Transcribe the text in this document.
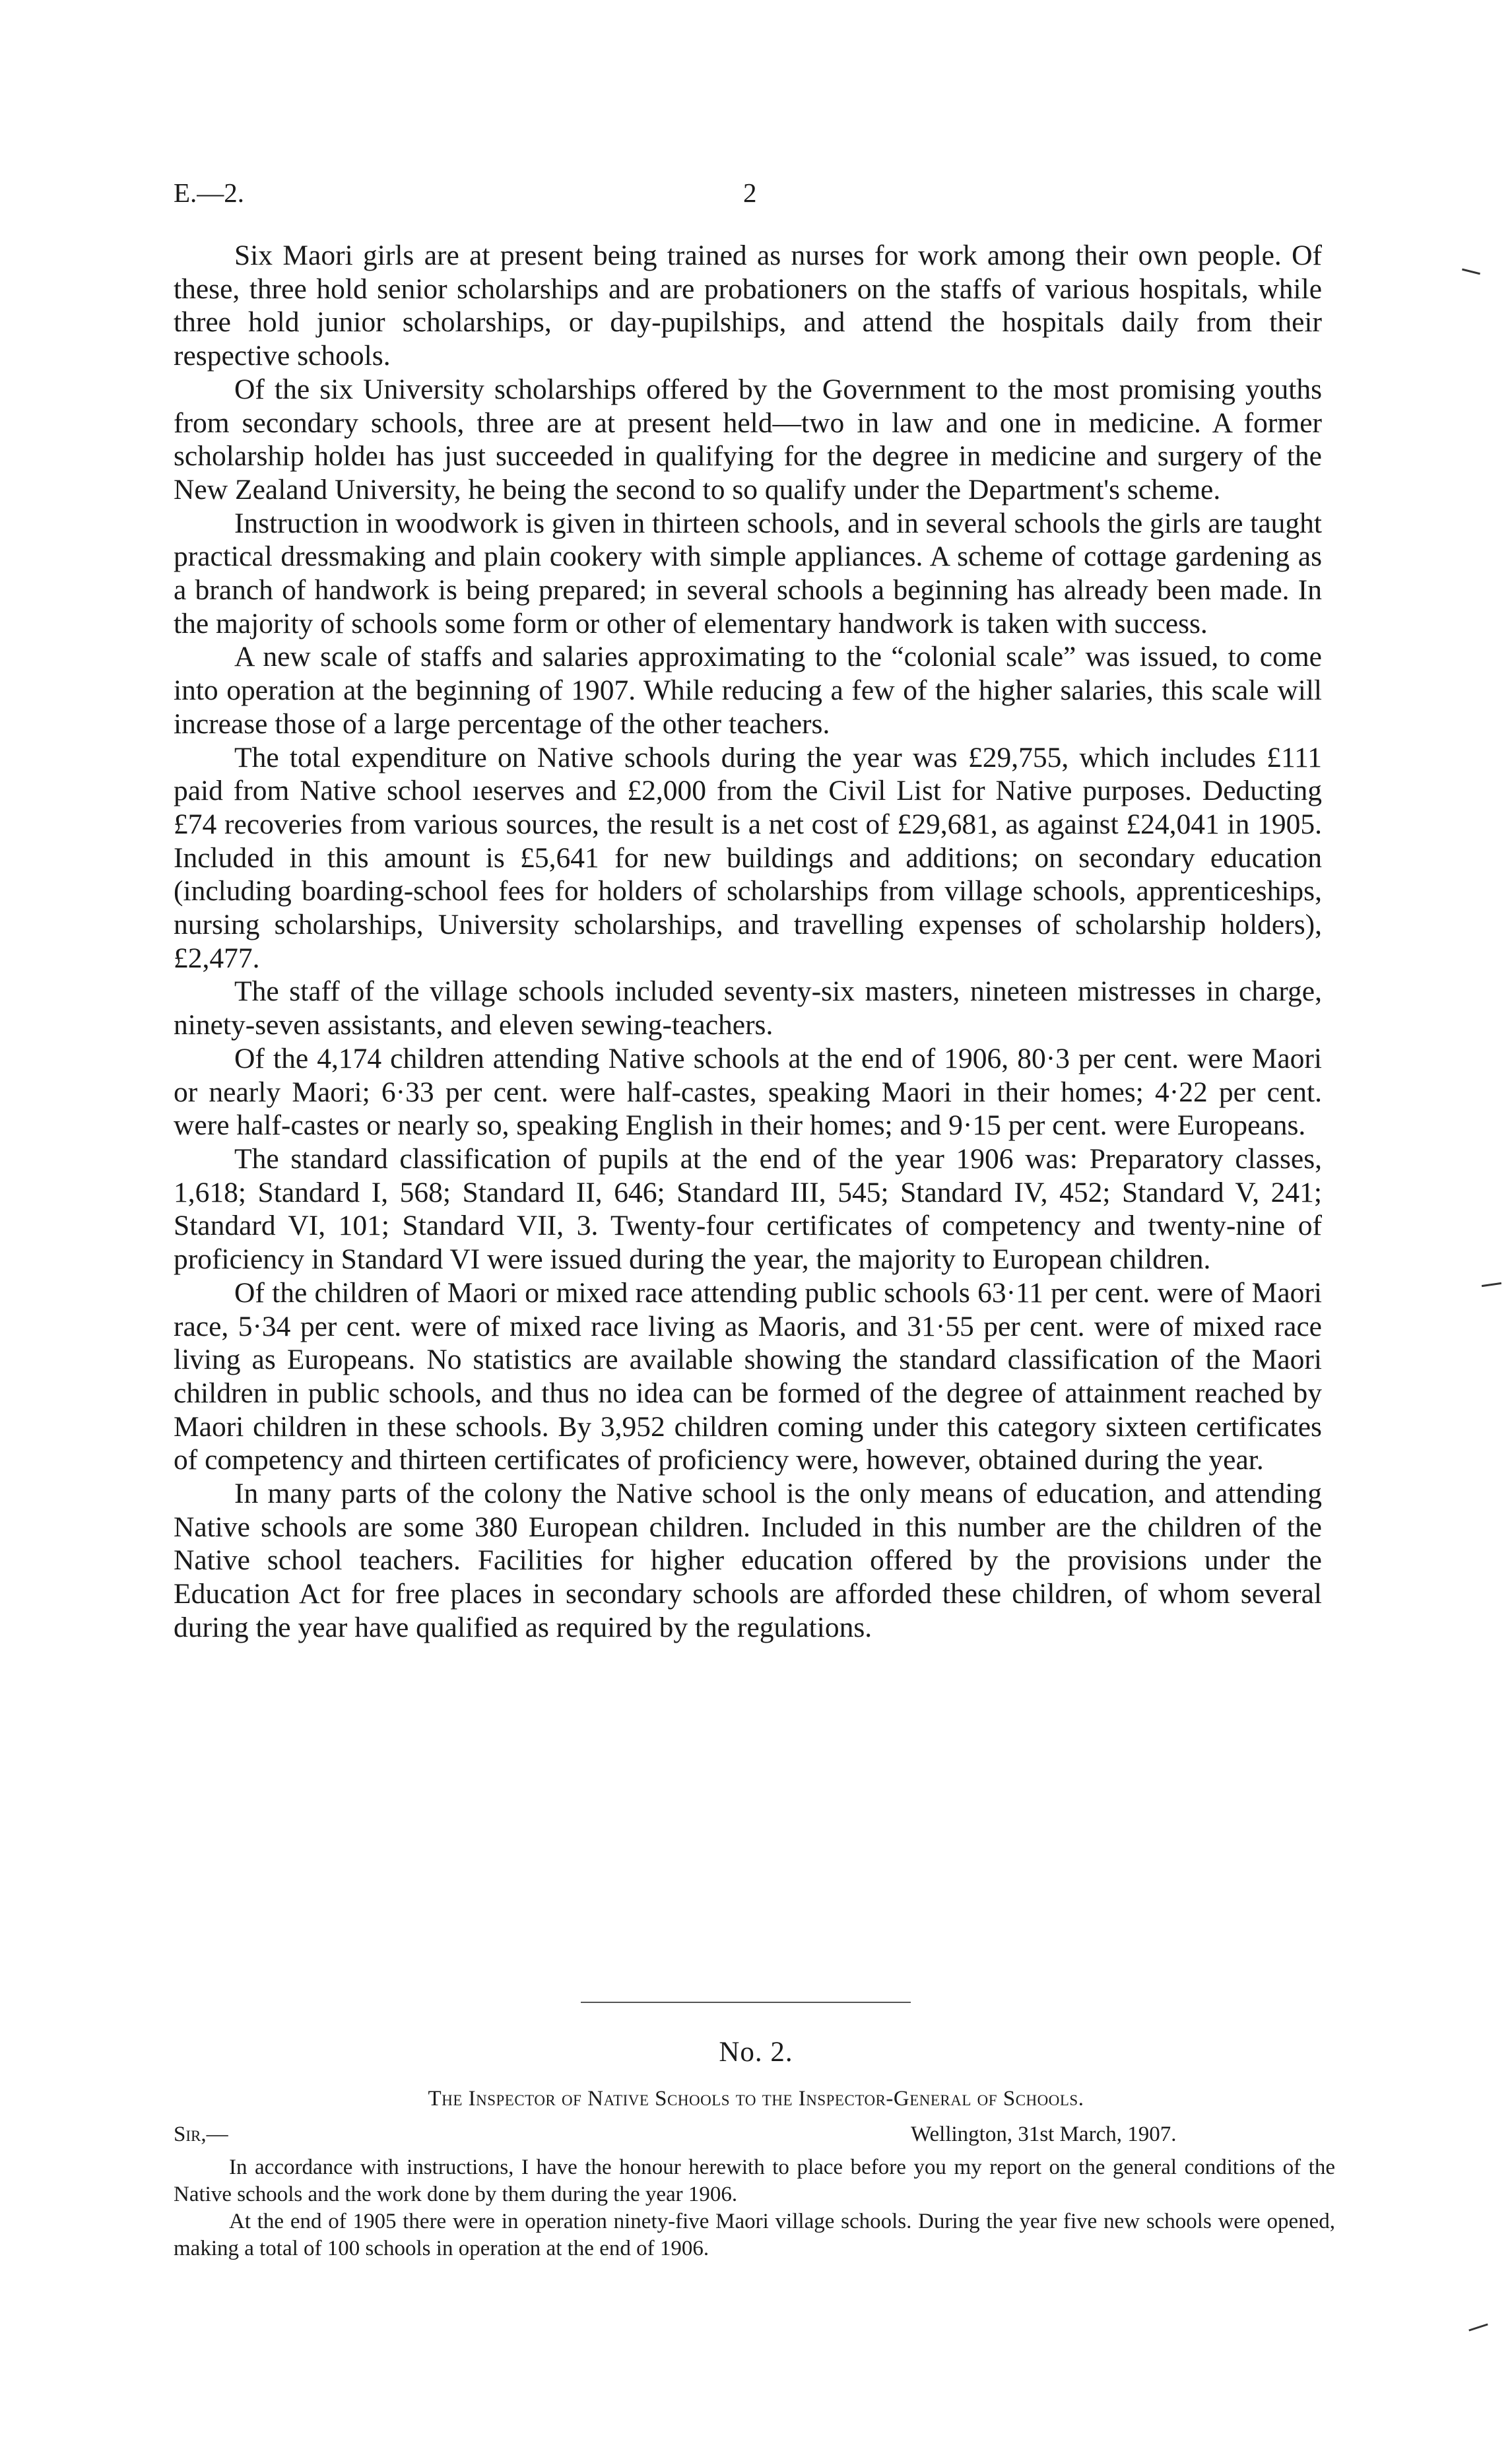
E.—2.	2

Six Maori girls are at present being trained as nurses for work among their own people. Of these, three hold senior scholarships and are probationers on the staffs of various hospitals, while three hold junior scholarships, or day-pupilships, and attend the hospitals daily from their respective schools.

Of the six University scholarships offered by the Government to the most promising youths from secondary schools, three are at present held—two in law and one in medicine. A former scholarship holdeı has just succeeded in qualifying for the degree in medicine and surgery of the New Zealand University, he being the second to so qualify under the Department's scheme.

Instruction in woodwork is given in thirteen schools, and in several schools the girls are taught practical dressmaking and plain cookery with simple appliances. A scheme of cottage gardening as a branch of handwork is being prepared; in several schools a beginning has already been made. In the majority of schools some form or other of elementary handwork is taken with success.

A new scale of staffs and salaries approximating to the “colonial scale” was issued, to come into operation at the beginning of 1907. While reducing a few of the higher salaries, this scale will increase those of a large percentage of the other teachers.

The total expenditure on Native schools during the year was £29,755, which includes £111 paid from Native school ıeserves and £2,000 from the Civil List for Native purposes. Deducting £74 recoveries from various sources, the result is a net cost of £29,681, as against £24,041 in 1905. Included in this amount is £5,641 for new buildings and additions; on secondary education (including boarding-school fees for holders of scholarships from village schools, apprenticeships, nursing scholarships, University scholarships, and travelling expenses of scholarship holders), £2,477.

The staff of the village schools included seventy-six masters, nineteen mistresses in charge, ninety-seven assistants, and eleven sewing-teachers.

Of the 4,174 children attending Native schools at the end of 1906, 80·3 per cent. were Maori or nearly Maori; 6·33 per cent. were half-castes, speaking Maori in their homes; 4·22 per cent. were half-castes or nearly so, speaking English in their homes; and 9·15 per cent. were Europeans.

The standard classification of pupils at the end of the year 1906 was: Preparatory classes, 1,618; Standard I, 568; Standard II, 646; Standard III, 545; Standard IV, 452; Standard V, 241; Standard VI, 101; Standard VII, 3. Twenty-four certificates of competency and twenty-nine of proficiency in Standard VI were issued during the year, the majority to European children.

Of the children of Maori or mixed race attending public schools 63·11 per cent. were of Maori race, 5·34 per cent. were of mixed race living as Maoris, and 31·55 per cent. were of mixed race living as Europeans. No statistics are available showing the standard classification of the Maori children in public schools, and thus no idea can be formed of the degree of attainment reached by Maori children in these schools. By 3,952 children coming under this category sixteen certificates of competency and thirteen certificates of proficiency were, however, obtained during the year.

In many parts of the colony the Native school is the only means of education, and attending Native schools are some 380 European children. Included in this number are the children of the Native school teachers. Facilities for higher education offered by the provisions under the Education Act for free places in secondary schools are afforded these children, of whom several during the year have qualified as required by the regulations.

No. 2.
The Inspector of Native Schools to the Inspector-General of Schools.
Sir,—	Wellington, 31st March, 1907.

In accordance with instructions, I have the honour herewith to place before you my report on the general conditions of the Native schools and the work done by them during the year 1906.

At the end of 1905 there were in operation ninety-five Maori village schools. During the year five new schools were opened, making a total of 100 schools in operation at the end of 1906.
